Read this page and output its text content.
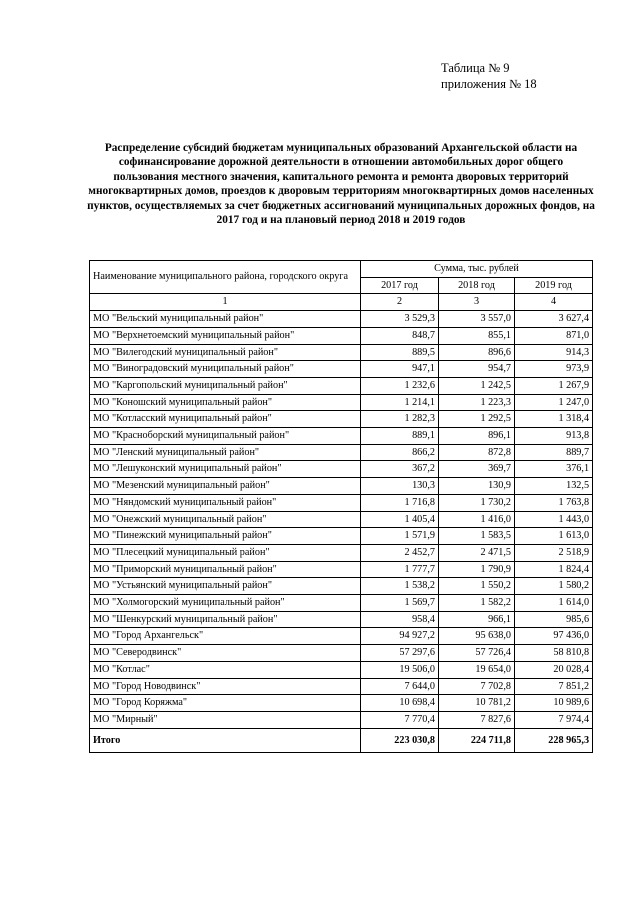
Таблица № 9
приложения № 18
Распределение субсидий бюджетам муниципальных образований Архангельской области на софинансирование дорожной деятельности в отношении автомобильных дорог общего пользования местного значения, капитального ремонта и ремонта дворовых территорий многоквартирных домов, проездов к дворовым территориям многоквартирных домов населенных пунктов, осуществляемых за счет бюджетных ассигнований муниципальных дорожных фондов, на 2017 год и на плановый период 2018 и 2019 годов
Наименование муниципального района, городского округа	Сумма, тыс. рублей		
	2017 год	2018 год	2019 год
1	2	3	4
МО "Вельский муниципальный район"	3 529,3	3 557,0	3 627,4
МО "Верхнетоемский муниципальный район"	848,7	855,1	871,0
МО "Вилегодский муниципальный район"	889,5	896,6	914,3
МО "Виноградовский муниципальный район"	947,1	954,7	973,9
МО "Каргопольский муниципальный район"	1 232,6	1 242,5	1 267,9
МО "Коношский муниципальный район"	1 214,1	1 223,3	1 247,0
МО "Котласский муниципальный район"	1 282,3	1 292,5	1 318,4
МО "Красноборский муниципальный район"	889,1	896,1	913,8
МО "Ленский муниципальный район"	866,2	872,8	889,7
МО "Лешуконский муниципальный район"	367,2	369,7	376,1
МО "Мезенский муниципальный район"	130,3	130,9	132,5
МО "Няндомский муниципальный район"	1 716,8	1 730,2	1 763,8
МО "Онежский муниципальный район"	1 405,4	1 416,0	1 443,0
МО "Пинежский муниципальный район"	1 571,9	1 583,5	1 613,0
МО "Плесецкий муниципальный район"	2 452,7	2 471,5	2 518,9
МО "Приморский муниципальный район"	1 777,7	1 790,9	1 824,4
МО "Устьянский муниципальный район"	1 538,2	1 550,2	1 580,2
МО "Холмогорский муниципальный район"	1 569,7	1 582,2	1 614,0
МО "Шенкурский муниципальный район"	958,4	966,1	985,6
МО "Город Архангельск"	94 927,2	95 638,0	97 436,0
МО "Северодвинск"	57 297,6	57 726,4	58 810,8
МО "Котлас"	19 506,0	19 654,0	20 028,4
МО "Город Новодвинск"	7 644,0	7 702,8	7 851,2
МО "Город Коряжма"	10 698,4	10 781,2	10 989,6
МО "Мирный"	7 770,4	7 827,6	7 974,4
Итого	223 030,8	224 711,8	228 965,3
